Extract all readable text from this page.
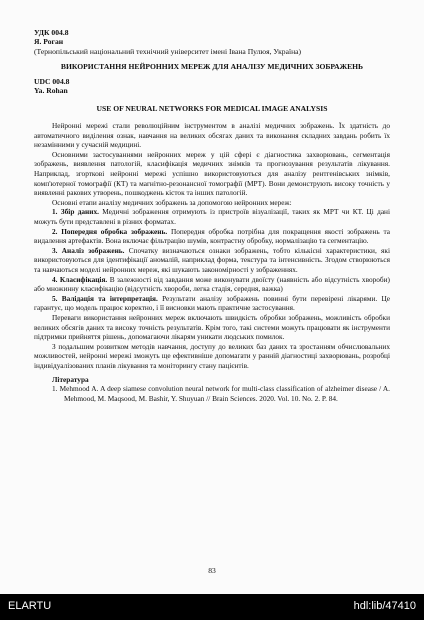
УДК 004.8
Я. Роган
(Тернопільський національний технічний університет імені Івана Пулюя, Україна)
ВИКОРИСТАННЯ НЕЙРОННИХ МЕРЕЖ ДЛЯ АНАЛІЗУ МЕДИЧНИХ ЗОБРАЖЕНЬ
UDC 004.8
Ya. Rohan
USE OF NEURAL NETWORKS FOR MEDICAL IMAGE ANALYSIS

Нейронні мережі стали революційним інструментом в аналізі медичних зображень. Їх здатність до автоматичного виділення ознак, навчання на великих обсягах даних та виконання складних завдань робить їх незамінними у сучасній медицині.

Основними застосуваннями нейронних мереж у цій сфері є діагностика захворювань, сегментація зображень, виявлення патологій, класифікація медичних знімків та прогнозування результатів лікування. Наприклад, згорткові нейронні мережі успішно використовуються для аналізу рентгенівських знімків, комп'ютерної томографії (КТ) та магнітно-резонансної томографії (МРТ). Вони демонструють високу точність у виявленні ракових утворень, пошкоджень кісток та інших патологій.

Основні етапи аналізу медичних зображень за допомогою нейронних мереж:

1. Збір даних. Медичні зображення отримують із пристроїв візуалізації, таких як МРТ чи КТ. Ці дані можуть бути представлені в різних форматах.

2. Попередня обробка зображень. Попередня обробка потрібна для покращення якості зображень та видалення артефактів. Вона включає фільтрацію шумів, контрастну обробку, нормалізацію та сегментацію.

3. Аналіз зображень. Спочатку визначаються ознаки зображень, тобто кількісні характеристики, які використовуються для ідентифікації аномалій, наприклад форма, текстура та інтенсивність. Згодом створюються та навчаються моделі нейронних мереж, які шукають закономірності у зображеннях.

4. Класифікація. В залежності від завдання може виконувати двоїсту (наявність або відсутність хвороби) або множинну класифікацію (відсутність хвороби, легка стадія, середня, важка)

5. Валідація та інтерпретація. Результати аналізу зображень повинні бути перевірені лікарями. Це гарантує, що модель працює коректно, і її висновки мають практичне застосування.

Переваги використання нейронних мереж включають швидкість обробки зображень, можливість обробки великих обсягів даних та високу точність результатів. Крім того, такі системи можуть працювати як інструменти підтримки прийняття рішень, допомагаючи лікарям уникати людських помилок.

З подальшим розвитком методів навчання, доступу до великих баз даних та зростанням обчислювальних можливостей, нейронні мережі зможуть ще ефективніше допомагати у ранній діагностиці захворювань, розробці індивідуалізованих планів лікування та моніторингу стану пацієнтів.

Література

1. Mehmood A. A deep siamese convolution neural network for multi-class classification of alzheimer disease / A. Mehmood, M. Maqsood, M. Bashir, Y. Shuyuan // Brain Sciences. 2020. Vol. 10. No. 2. P. 84.

83
ELARTU	hdl:lib/47410
